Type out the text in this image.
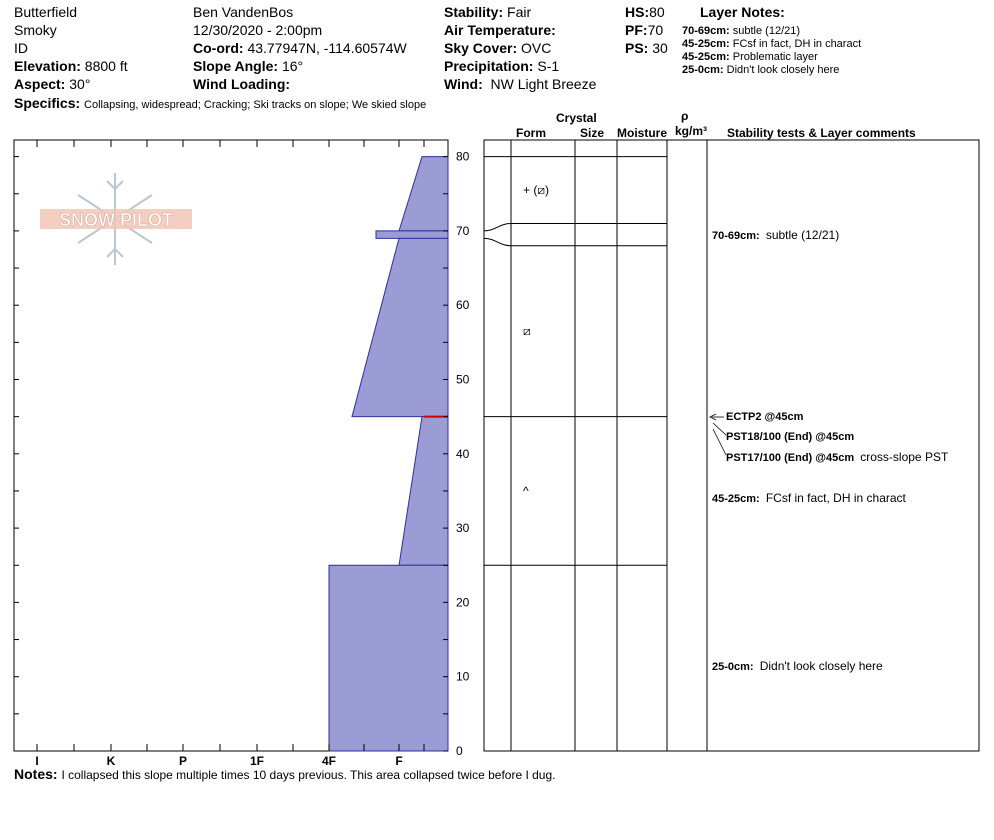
Butterfield
Smoky
ID
Elevation: 8800 ft
Aspect: 30°
Ben VandenBos
12/30/2020 - 2:00pm
Co-ord: 43.77947N, -114.60574W
Slope Angle: 16°
Wind Loading:
Stability: Fair
Air Temperature:
Sky Cover: OVC
Precipitation: S-1
Wind: NW Light Breeze
HS:80
PF:70
PS: 30
Layer Notes:
70-69cm: subtle (12/21)
45-25cm: FCsf in fact, DH in charact
45-25cm: Problematic layer
25-0cm: Didn't look closely here
Specifics: Collapsing, widespread; Cracking; Ski tracks on slope; We skied slope
Crystal
Form	Size Moisture
ρ
kg/m³ Stability tests & Layer comments
SNOW PILOT
0
10
20
30
40
50
60
70
80
I	K	P	1F	4F	F
+ (⧄)
⧄
^
ECTP2 @45cm
PST18/100 (End) @45cm
PST17/100 (End) @45cm cross-slope PST
70-69cm: subtle (12/21)
45-25cm: FCsf in fact, DH in charact
25-0cm: Didn't look closely here
Notes: I collapsed this slope multiple times 10 days previous. This area collapsed twice before I dug.
